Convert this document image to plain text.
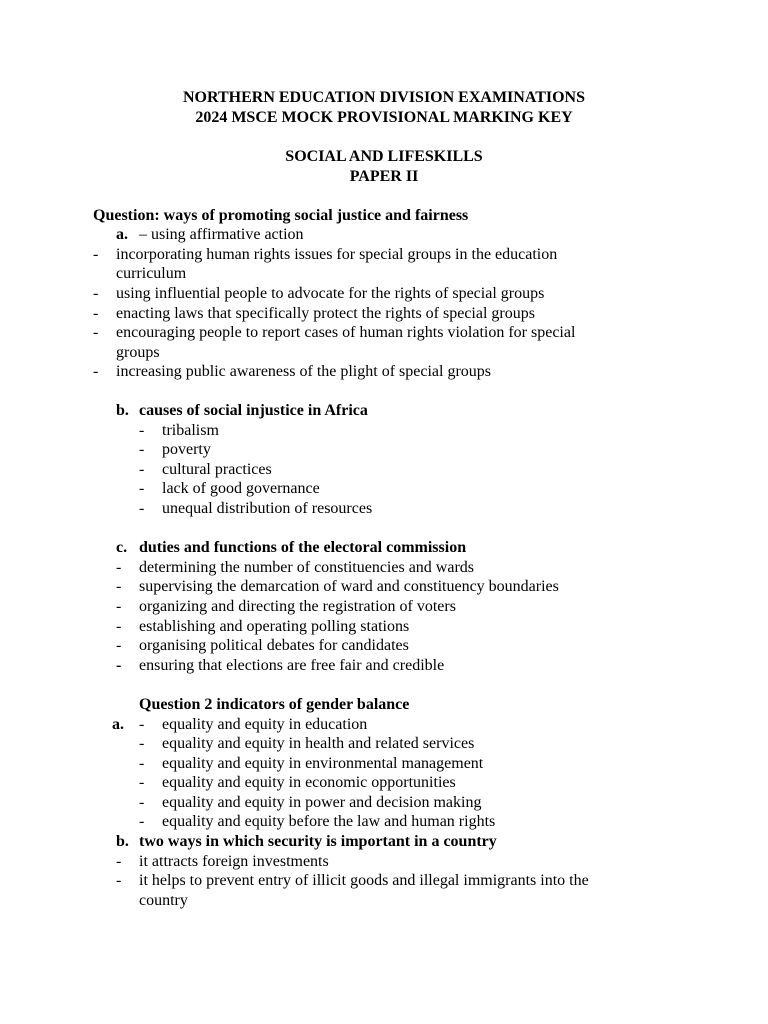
NORTHERN EDUCATION DIVISION EXAMINATIONS
2024 MSCE MOCK PROVISIONAL MARKING KEY
SOCIAL AND LIFESKILLS
PAPER II
Question: ways of promoting social justice and fairness
a. – using affirmative action
- incorporating human rights issues for special groups in the education
curriculum
- using influential people to advocate for the rights of special groups
- enacting laws that specifically protect the rights of special groups
- encouraging people to report cases of human rights violation for special
groups
- increasing public awareness of the plight of special groups
b. causes of social injustice in Africa
- tribalism
- poverty
- cultural practices
- lack of good governance
- unequal distribution of resources
c. duties and functions of the electoral commission
- determining the number of constituencies and wards
- supervising the demarcation of ward and constituency boundaries
- organizing and directing the registration of voters
- establishing and operating polling stations
- organising political debates for candidates
- ensuring that elections are free fair and credible
Question 2 indicators of gender balance
a. - equality and equity in education
- equality and equity in health and related services
- equality and equity in environmental management
- equality and equity in economic opportunities
- equality and equity in power and decision making
- equality and equity before the law and human rights
b. two ways in which security is important in a country
- it attracts foreign investments
- it helps to prevent entry of illicit goods and illegal immigrants into the
country
